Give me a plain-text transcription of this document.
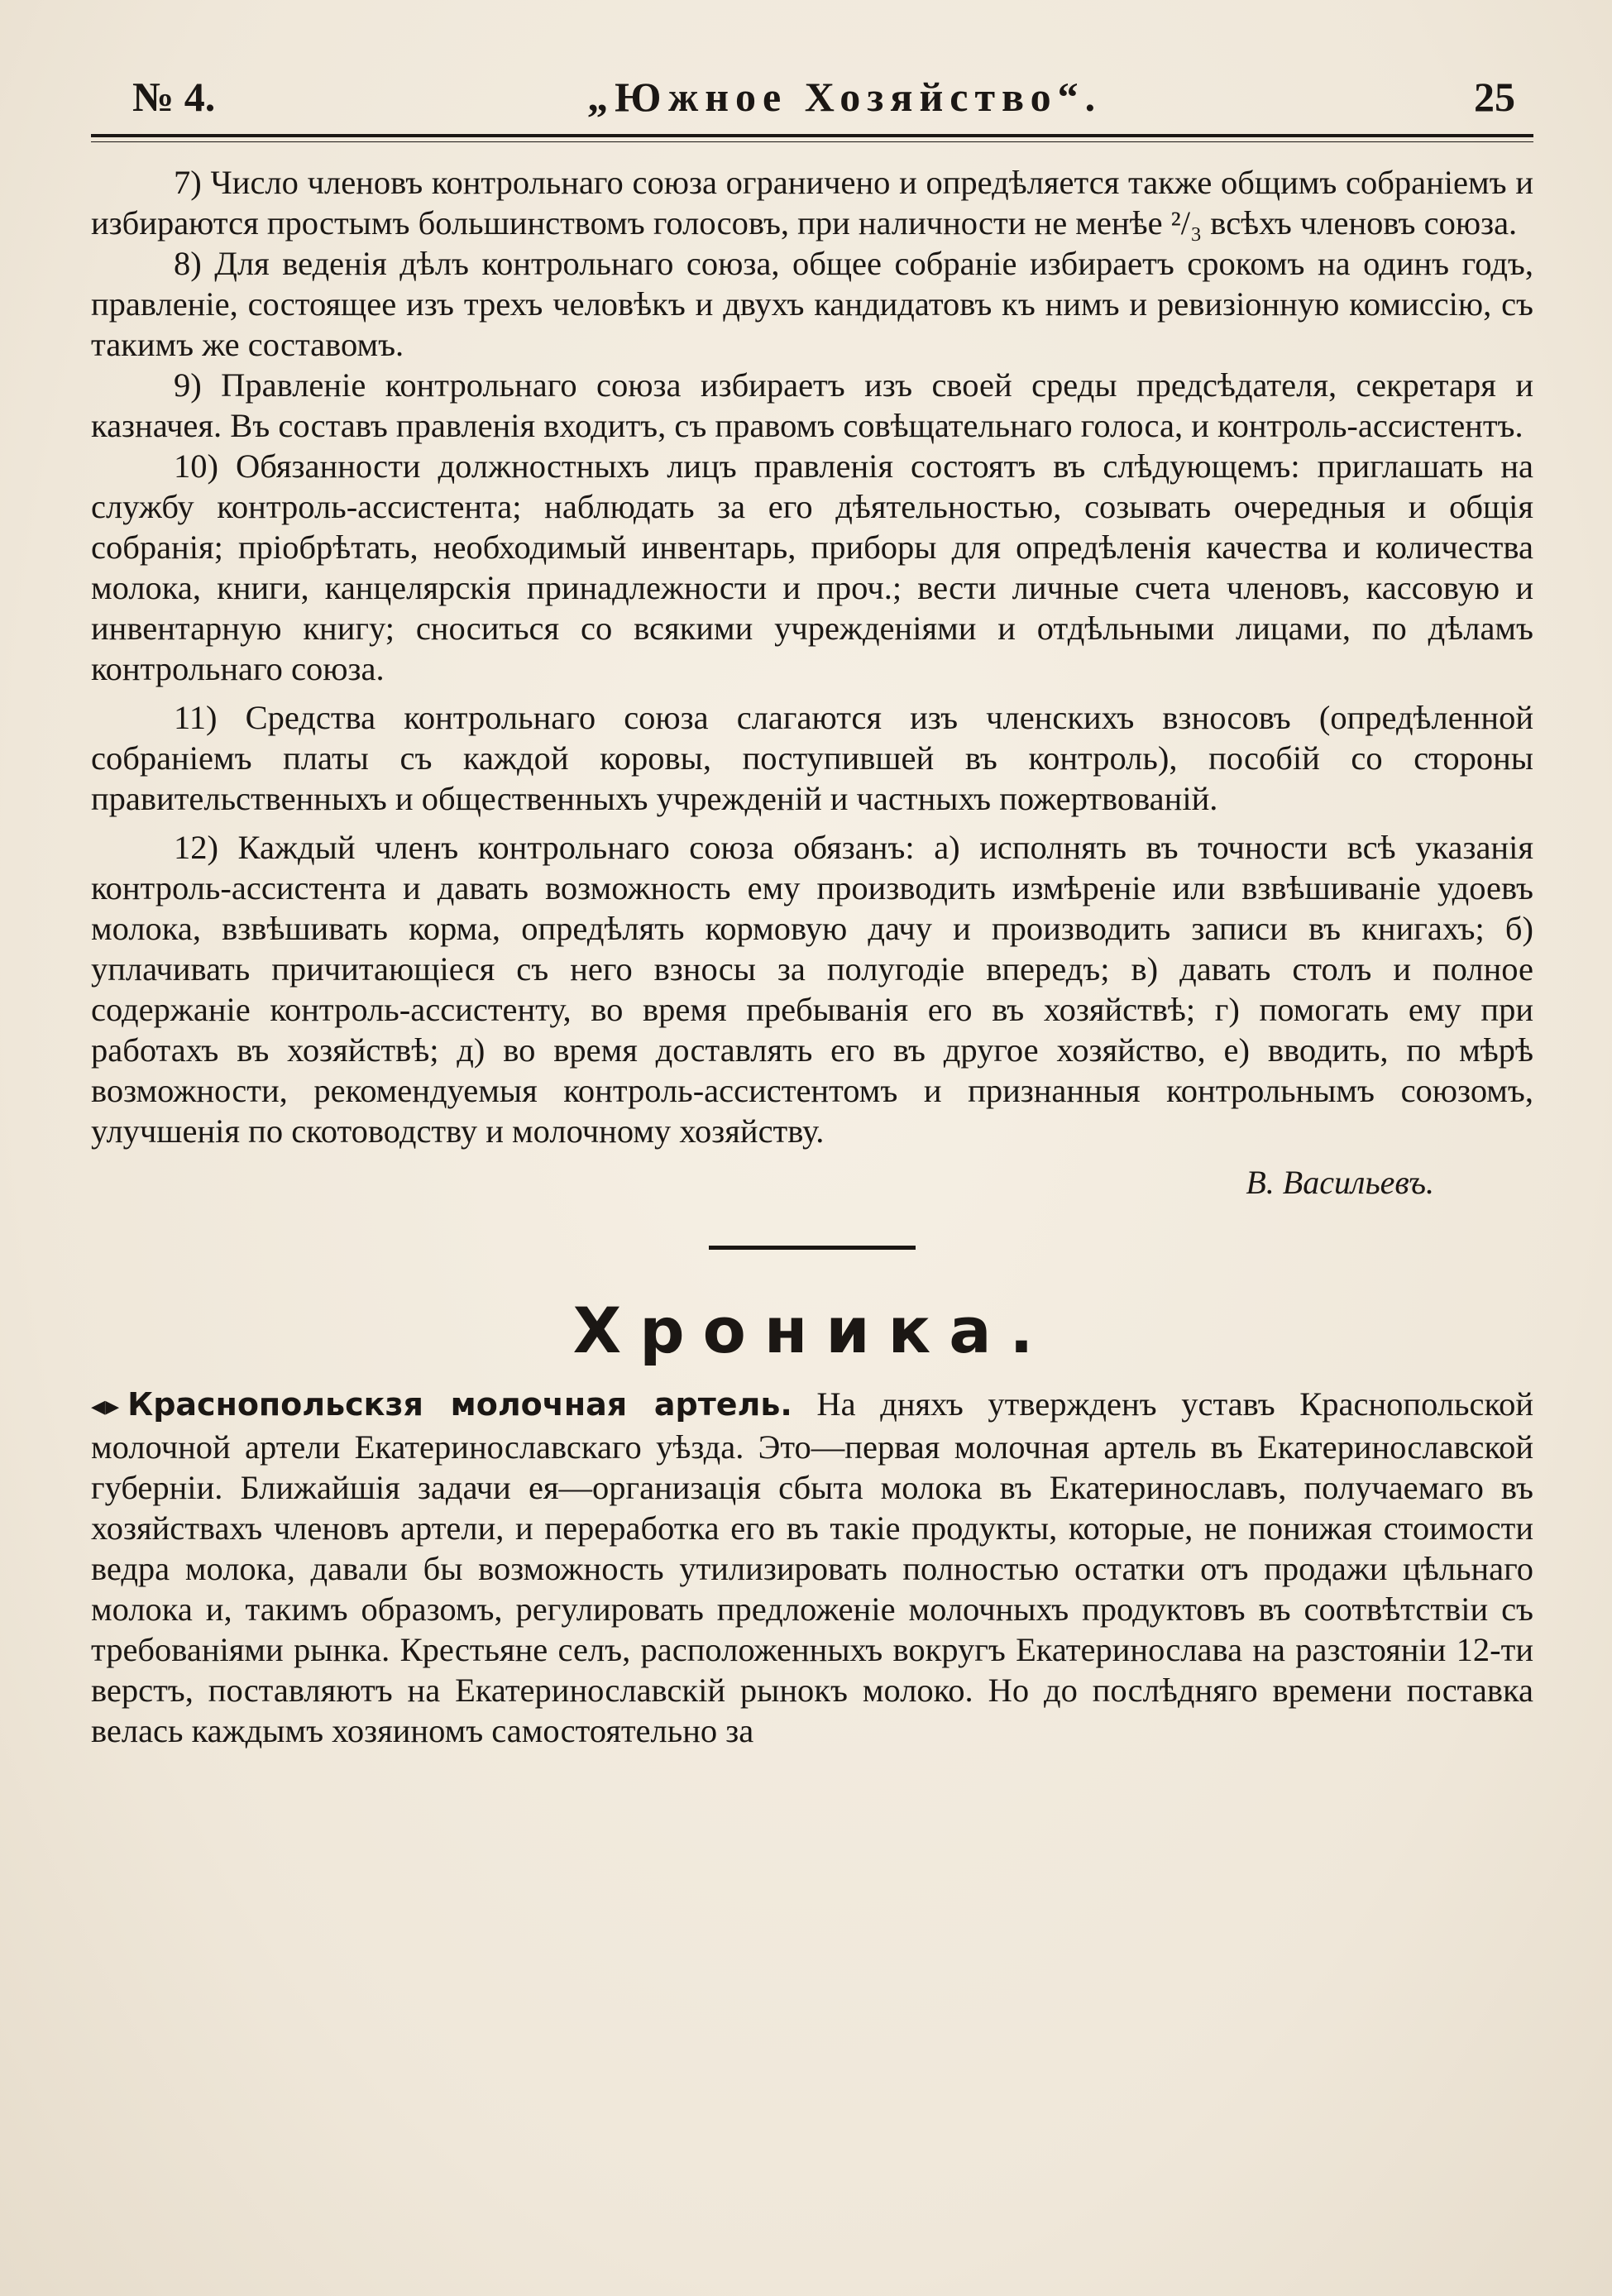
№ 4.	„Южное Хозяйство“.	25

7) Число членовъ контрольнаго союза ограничено и опредѣляется также общимъ собраніемъ и избираются простымъ большинствомъ голосовъ, при наличности не менѣе ²/₃ всѣхъ членовъ союза.

8) Для веденія дѣлъ контрольнаго союза, общее собраніе избираетъ срокомъ на одинъ годъ, правленіе, состоящее изъ трехъ человѣкъ и двухъ кандидатовъ къ нимъ и ревизіонную комиссію, съ такимъ же составомъ.

9) Правленіе контрольнаго союза избираетъ изъ своей среды предсѣдателя, секретаря и казначея. Въ составъ правленія входитъ, съ правомъ совѣщательнаго голоса, и контроль-ассистентъ.

10) Обязанности должностныхъ лицъ правленія состоятъ въ слѣдующемъ: приглашать на службу контроль-ассистента; наблюдать за его дѣятельностью, созывать очередныя и общія собранія; пріобрѣтать, необходимый инвентарь, приборы для опредѣленія качества и количества молока, книги, канцелярскія принадлежности и проч.; вести личные счета членовъ, кассовую и инвентарную книгу; сноситься со всякими учрежденіями и отдѣльными лицами, по дѣламъ контрольнаго союза.

11) Средства контрольнаго союза слагаются изъ членскихъ взносовъ (опредѣленной собраніемъ платы съ каждой коровы, поступившей въ контроль), пособій со стороны правительственныхъ и общественныхъ учрежденій и частныхъ пожертвованій.

12) Каждый членъ контрольнаго союза обязанъ: а) исполнять въ точности всѣ указанія контроль-ассистента и давать возможность ему производить измѣреніе или взвѣшиваніе удоевъ молока, взвѣшивать корма, опредѣлять кормовую дачу и производить записи въ книгахъ; б) уплачивать причитающіеся съ него взносы за полугодіе впередъ; в) давать столъ и полное содержаніе контроль-ассистенту, во время пребыванія его въ хозяйствѣ; г) помогать ему при работахъ въ хозяйствѣ; д) во время доставлять его въ другое хозяйство, е) вводить, по мѣрѣ возможности, рекомендуемыя контроль-ассистентомъ и признанныя контрольнымъ союзомъ, улучшенія по скотоводству и молочному хозяйству.

В. Васильевъ.
Хроника.

◂▸ Краснопольскзя молочная артель. На дняхъ утвержденъ уставъ Краснопольской молочной артели Екатеринославскаго уѣзда. Это—первая молочная артель въ Екатеринославской губерніи. Ближайшія задачи ея—организація сбыта молока въ Екатеринославъ, получаемаго въ хозяйствахъ членовъ артели, и переработка его въ такіе продукты, которые, не понижая стоимости ведра молока, давали бы возможность утилизировать полностью остатки отъ продажи цѣльнаго молока и, такимъ образомъ, регулировать предложеніе молочныхъ продуктовъ въ соотвѣтствіи съ требованіями рынка. Крестьяне селъ, расположенныхъ вокругъ Екатеринослава на разстояніи 12-ти верстъ, поставляютъ на Екатеринославскій рынокъ молоко. Но до послѣдняго времени поставка велась каждымъ хозяиномъ самостоятельно за
